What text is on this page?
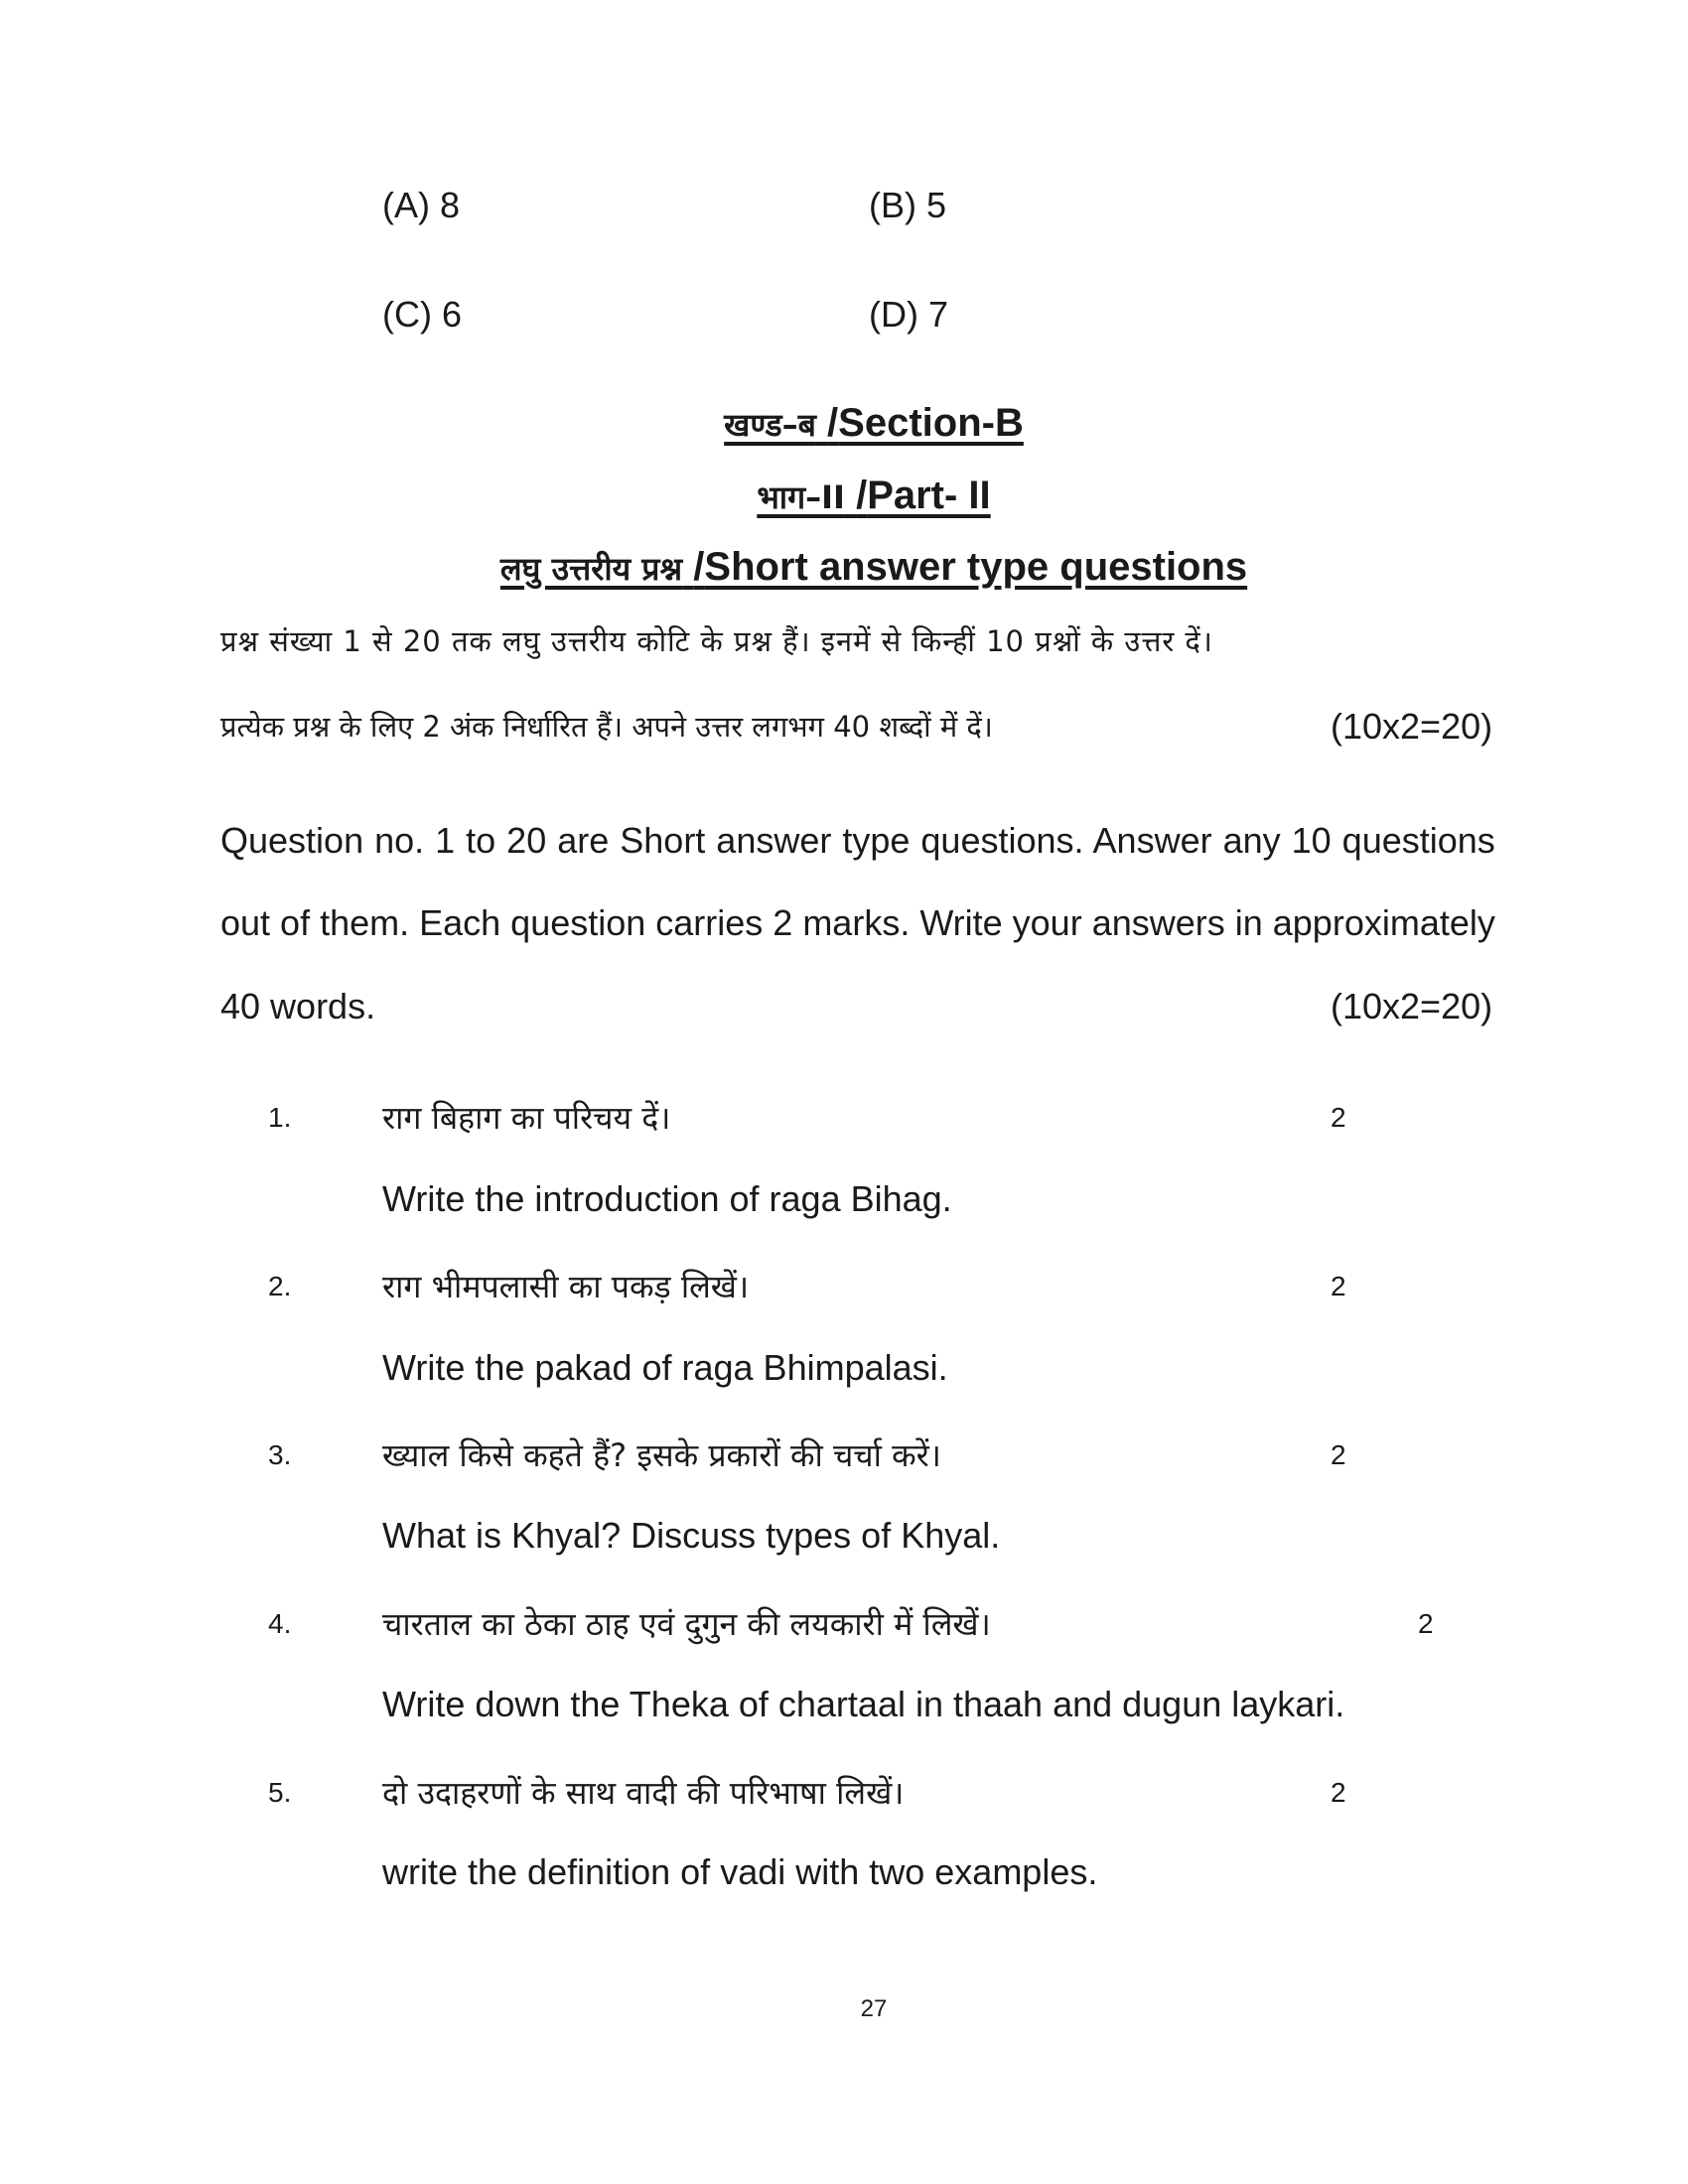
(A) 8	(B) 5
(C) 6	(D) 7
खण्ड–ब /Section-B
भाग–II /Part- II
लघु उत्तरीय प्रश्न /Short answer type questions
प्रश्न संख्या 1 से 20 तक लघु उत्तरीय कोटि के प्रश्न हैं। इनमें से किन्हीं 10 प्रश्नों के उत्तर दें।
प्रत्येक प्रश्न के लिए 2 अंक निर्धारित हैं। अपने उत्तर लगभग 40 शब्दों में दें।	(10x2=20)
Question no. 1 to 20 are Short answer type questions. Answer any 10 questions
out of them. Each question carries 2 marks. Write your answers in approximately
40 words.	(10x2=20)
1.	राग बिहाग का परिचय दें।	2
Write the introduction of raga Bihag.
2.	राग भीमपलासी का पकड़ लिखें।	2
Write the pakad of raga Bhimpalasi.
3.	ख्याल किसे कहते हैं? इसके प्रकारों की चर्चा करें।	2
What is Khyal? Discuss types of Khyal.
4.	चारताल का ठेका ठाह एवं दुगुन की लयकारी में लिखें।	2
Write down the Theka of chartaal in thaah and dugun laykari.
5.	दो उदाहरणों के साथ वादी की परिभाषा लिखें।	2
write the definition of vadi with two examples.
27
